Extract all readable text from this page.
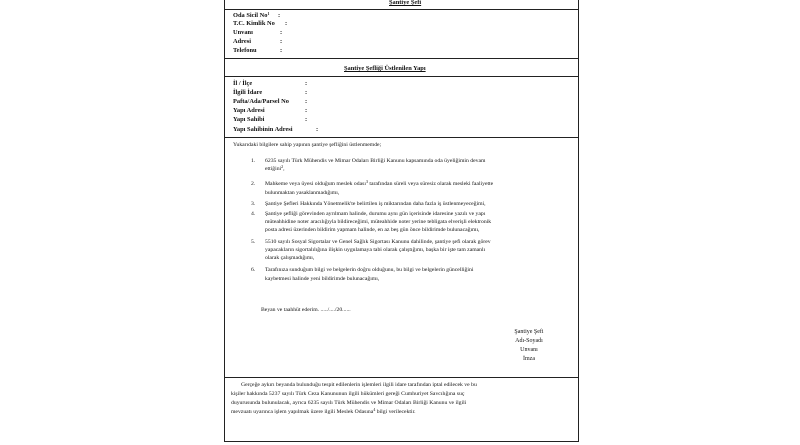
Şantiye Şefi
Oda Sicil No$^1$ :
T.C. Kimlik No :
Unvanı	:
Adresi	:
Telefonu	:
Şantiye Şefliği Üstlenilen Yapı
İl / İlçe	:
İlgili İdare	:
Pafta/Ada/Parsel No	:
Yapı Adresi	:
Yapı Sahibi	:
Yapı Sahibinin Adresi	:
Yukarıdaki bilgilere sahip yapının şantiye şefliğini üstlenmemde;
1. 6235 sayılı Türk Mühendis ve Mimar Odaları Birliği Kanunu kapsamında oda üyeliğimin devam
ettiğini$^2$,
2. Mahkeme veya üyesi olduğum meslek odası$^3$ tarafından süreli veya süresiz olarak mesleki faaliyette
bulunmaktan yasaklanmadığımı,
3. Şantiye Şefleri Hakkında Yönetmelik'te belirtilen iş miktarından daha fazla iş üstlenmeyeceğimi,
4. Şantiye şefliği görevinden ayrılmam halinde, durumu aynı gün içerisinde idaresine yazılı ve yapı
müteahhidine noter aracılığıyla bildireceğimi, müteahhide noter yerine tebligata elverişli elektronik
posta adresi üzerinden bildirim yapmam halinde, en az beş gün önce bildirimde bulunacağımı,
5. 5510 sayılı Sosyal Sigortalar ve Genel Sağlık Sigortası Kanunu dahilinde, şantiye şefi olarak görev
yapacakların sigortalılığına ilişkin uygulamaya tabi olarak çalıştığımı, başka bir işte tam zamanlı
olarak çalışmadığımı,
6. Tarafınıza sunduğum bilgi ve belgelerin doğru olduğunu, bu bilgi ve belgelerin güncelliğini
kaybetmesi halinde yeni bildirimde bulunacağımı,
Beyan ve taahhüt ederim. ...../..../20......
Şantiye Şefi
Adı-Soyadı
Unvanı
İmza
Gerçeğe aykırı beyanda bulunduğu tespit edilenlerin işlemleri ilgili idare tarafından iptal edilecek ve bu
kişiler hakkında 5237 sayılı Türk Ceza Kanununun ilgili hükümleri gereği Cumhuriyet Savcılığına suç
duyurusunda bulunulacak, ayrıca 6235 sayılı Türk Mühendis ve Mimar Odaları Birliği Kanunu ve ilgili
mevzuatı uyarınca işlem yapılmak üzere ilgili Meslek Odasına$^4$ bilgi verilecektir.
